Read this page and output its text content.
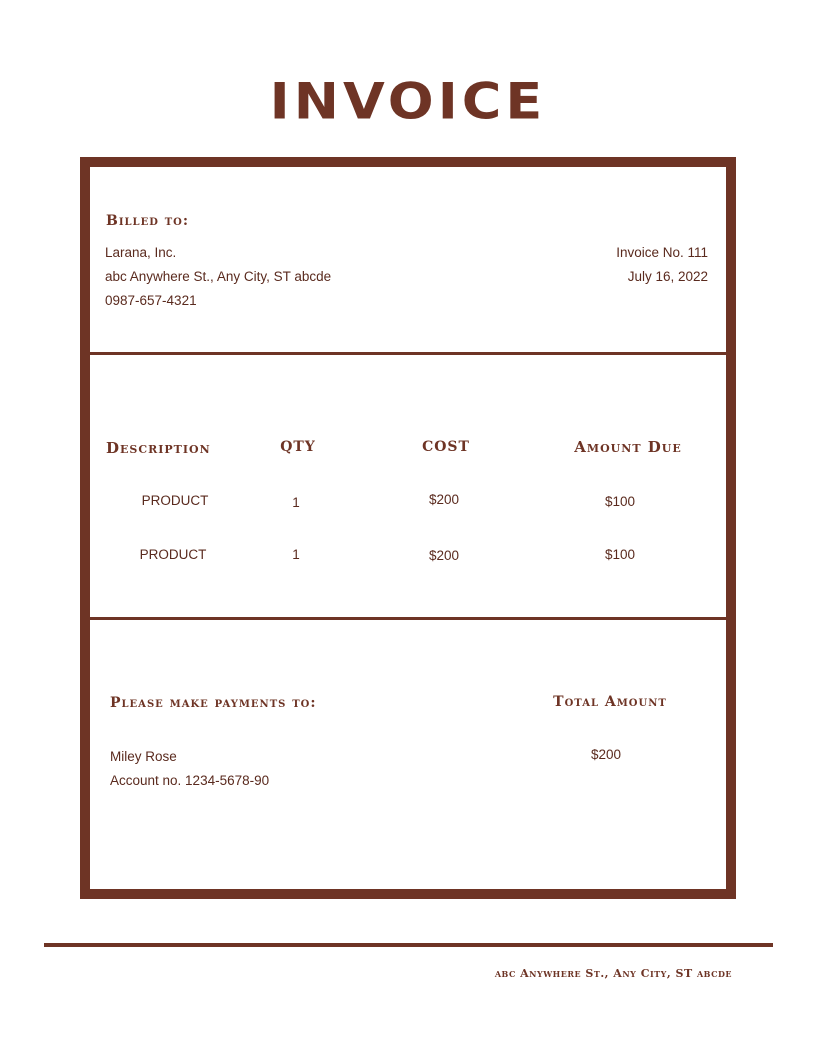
INVOICE
Billed to:
Larana, Inc.
abc Anywhere St., Any City, ST abcde
0987-657-4321
Invoice No. 111
July 16, 2022
Description	QTY	COST	Amount Due
PRODUCT	1	$200	$100
PRODUCT	1	$200	$100
Please make payments to:
Miley Rose
Account no. 1234-5678-90
Total Amount
$200
abc Anywhere St., Any City, ST abcde
